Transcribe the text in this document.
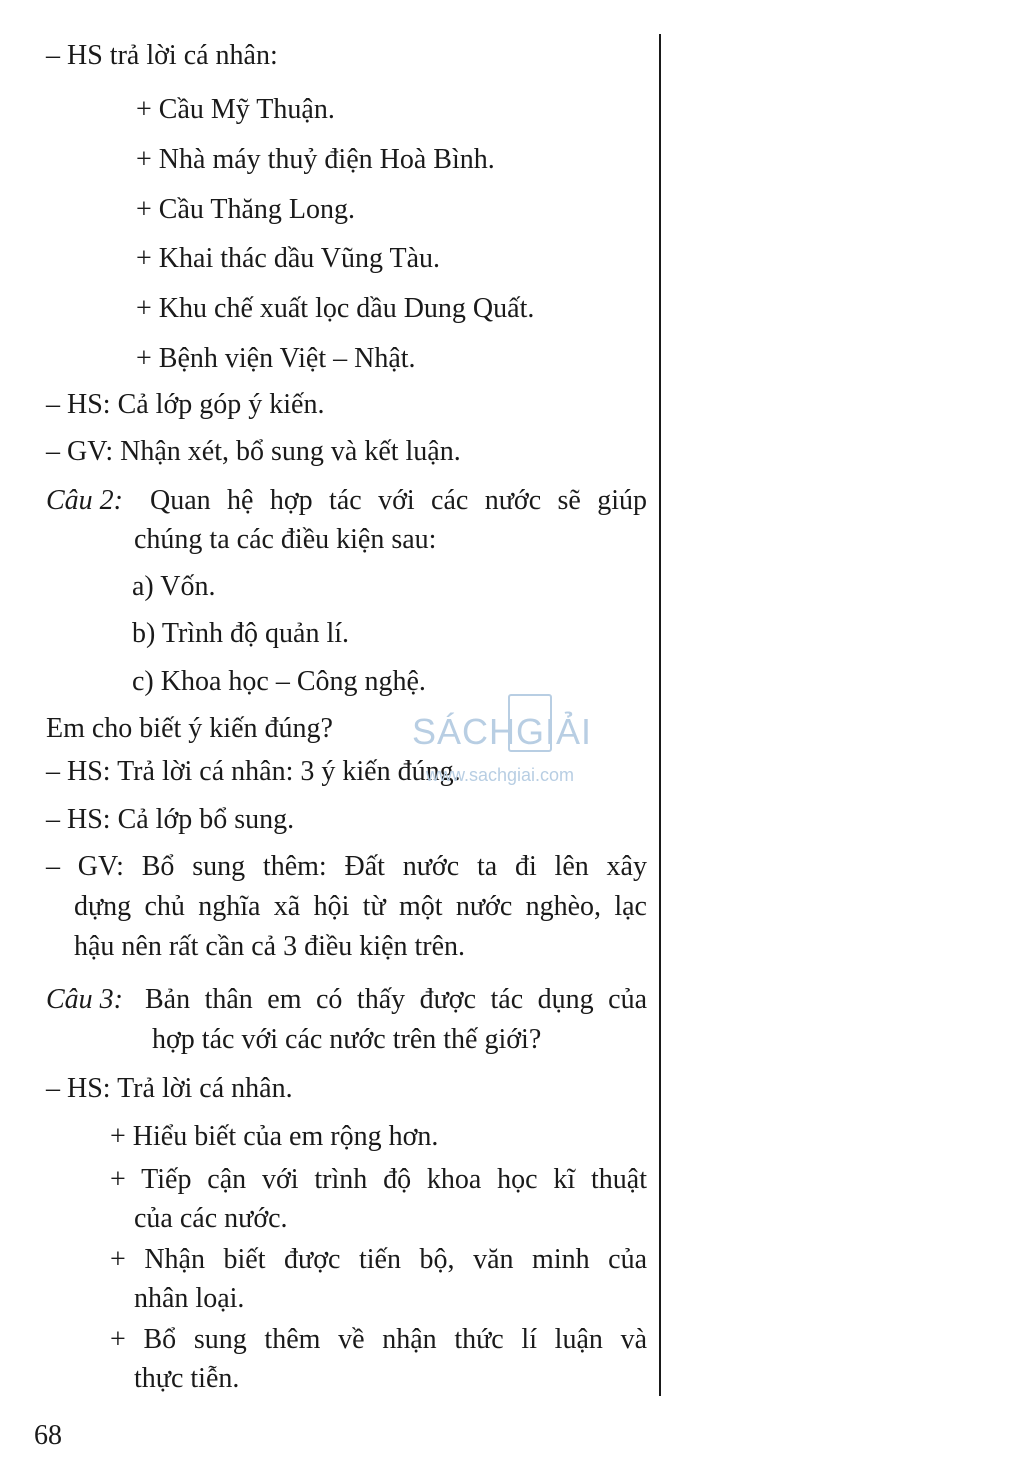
– HS trả lời cá nhân:
+ Cầu Mỹ Thuận.
+ Nhà máy thuỷ điện Hoà Bình.
+ Cầu Thăng Long.
+ Khai thác dầu Vũng Tàu.
+ Khu chế xuất lọc dầu Dung Quất.
+ Bệnh viện Việt – Nhật.
– HS: Cả lớp góp ý kiến.
– GV: Nhận xét, bổ sung và kết luận.
Câu 2: Quan hệ hợp tác với các nước sẽ giúp
chúng ta các điều kiện sau:
a) Vốn.
b) Trình độ quản lí.
c) Khoa học – Công nghệ.
Em cho biết ý kiến đúng?
– HS: Trả lời cá nhân: 3 ý kiến đúng.
– HS: Cả lớp bổ sung.
– GV: Bổ sung thêm: Đất nước ta đi lên xây
dựng chủ nghĩa xã hội từ một nước nghèo, lạc
hậu nên rất cần cả 3 điều kiện trên.
Câu 3: Bản thân em có thấy được tác dụng của
hợp tác với các nước trên thế giới?
– HS: Trả lời cá nhân.
+ Hiểu biết của em rộng hơn.
+ Tiếp cận với trình độ khoa học kĩ thuật
của các nước.
+ Nhận biết được tiến bộ, văn minh của
nhân loại.
+ Bổ sung thêm về nhận thức lí luận và
thực tiễn.
68
SÁCHGIẢI
www.sachgiai.com
